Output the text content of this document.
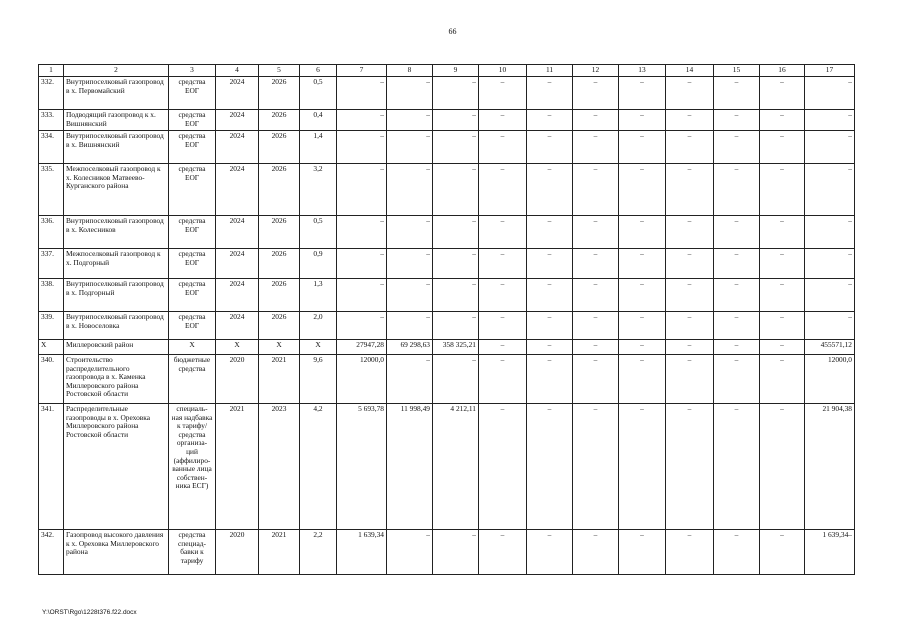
66
1	2	3	4	5	6	7	8	9	10	11	12	13	14	15	16	17
332.	Внутрипоселковый газопровод в х. Первомайский	средства ЕОГ	2024	2026	0,5	–	–	–	–	–	–	–	–	–	–	–
333.	Подводящий газопровод к х. Вишнянский	средства ЕОГ	2024	2026	0,4	–	–	–	–	–	–	–	–	–	–	–
334.	Внутрипоселковый газопровод в х. Вишнянский	средства ЕОГ	2024	2026	1,4	–	–	–	–	–	–	–	–	–	–	–
335.	Межпоселковый газопровод к х. Колесников Матвеево-Курганского района	средства ЕОГ	2024	2026	3,2	–	–	–	–	–	–	–	–	–	–	–
336.	Внутрипоселковый газопровод в х. Колесников	средства ЕОГ	2024	2026	0,5	–	–	–	–	–	–	–	–	–	–	–
337.	Межпоселковый газопровод к х. Подгорный	средства ЕОГ	2024	2026	0,9	–	–	–	–	–	–	–	–	–	–	–
338.	Внутрипоселковый газопровод в х. Подгорный	средства ЕОГ	2024	2026	1,3	–	–	–	–	–	–	–	–	–	–	–
339.	Внутрипоселковый газопровод в х. Новоселовка	средства ЕОГ	2024	2026	2,0	–	–	–	–	–	–	–	–	–	–	–
Х	Миллеровский район	Х	Х	Х	Х	27947,28	69 298,63	358 325,21	–	–	–	–	–	–	–	455571,12
340.	Строительство распределительного газопровода в х. Каменка Миллеровского района Ростовской области	бюджетные средства	2020	2021	9,6	12000,0	–	–	–	–	–	–	–	–	–	12000,0
341.	Распределительные газопроводы в х. Ореховка Миллеровского района Ростовской области	специаль- ная надбавка к тарифу/ средства организа- ций (аффилиро- ванные лица собствен- ника ЕСГ)	2021	2023	4,2	5 693,78	11 998,49	4 212,11	–	–	–	–	–	–	–	21 904,38
342.	Газопровод высокого давления к х. Ореховка Миллеровского района	средства специад- бавки к тарифу	2020	2021	2,2	1 639,34	–	–	–	–	–	–	–	–	–	1 639,34–
Y:\ORST\Rgo\1228t376.f22.docx
